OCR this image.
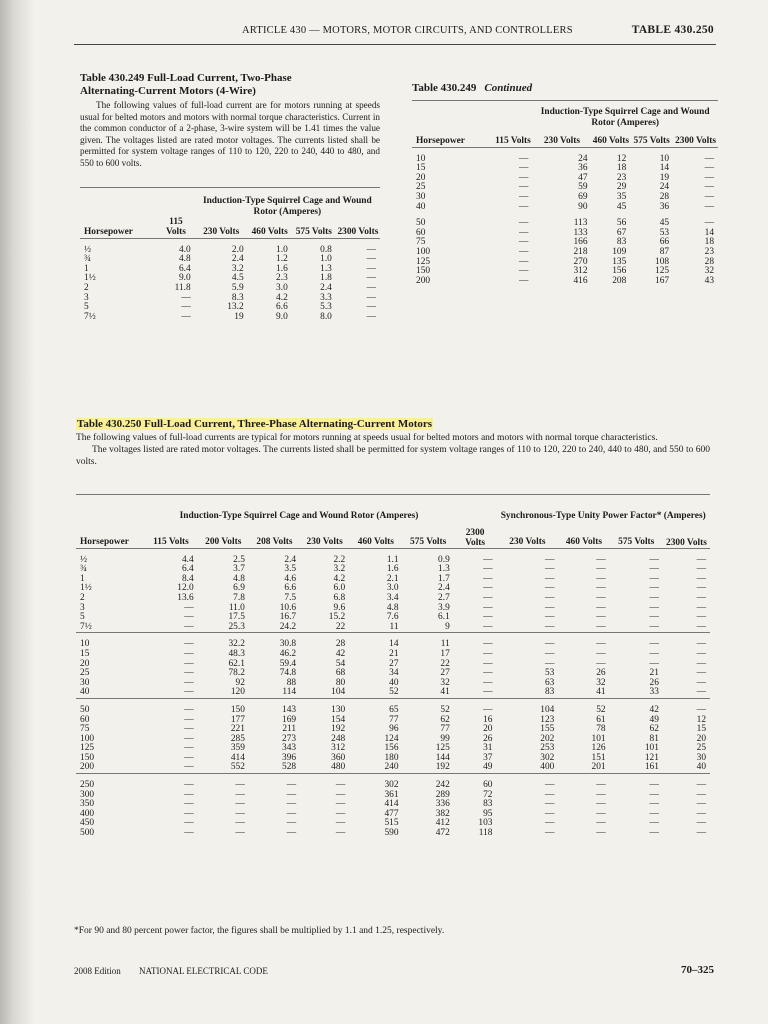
ARTICLE 430 — MOTORS, MOTOR CIRCUITS, AND CONTROLLERS	TABLE 430.250

Table 430.249 Full-Load Current, Two-Phase

Alternating-Current Motors (4-Wire)

The following values of full-load current are for motors running at speeds usual for belted motors and motors with normal torque characteristics. Current in the common conductor of a 2-phase, 3-wire system will be 1.41 times the value given. The voltages listed are rated motor voltages. The currents listed shall be permitted for system voltage ranges of 110 to 120, 220 to 240, 440 to 480, and 550 to 600 volts.

		Induction-Type Squirrel Cage and Wound Rotor (Amperes)			
Horsepower	115 Volts	230 Volts	460 Volts	575 Volts	2300 Volts
½	4.0	2.0	1.0	0.8	—
¾	4.8	2.4	1.2	1.0	—
1	6.4	3.2	1.6	1.3	—
1½	9.0	4.5	2.3	1.8	—
2	11.8	5.9	3.0	2.4	—
3	—	8.3	4.2	3.3	—
5	—	13.2	6.6	5.3	—
7½	—	19	9.0	8.0	—

Table 430.249 Continued

		Induction-Type Squirrel Cage and Wound Rotor (Amperes)			
Horsepower	115 Volts	230 Volts	460 Volts	575 Volts	2300 Volts
10	—	24	12	10	—
15	—	36	18	14	—
20	—	47	23	19	—
25	—	59	29	24	—
30	—	69	35	28	—
40	—	90	45	36	—
50	—	113	56	45	—
60	—	133	67	53	14
75	—	166	83	66	18
100	—	218	109	87	23
125	—	270	135	108	28
150	—	312	156	125	32
200	—	416	208	167	43

Table 430.250 Full-Load Current, Three-Phase Alternating-Current Motors

The following values of full-load currents are typical for motors running at speeds usual for belted motors and motors with normal torque characteristics.

The voltages listed are rated motor voltages. The currents listed shall be permitted for system voltage ranges of 110 to 120, 220 to 240, 440 to 480, and 550 to 600 volts.

	Induction-Type Squirrel Cage and Wound Rotor (Amperes)							Synchronous-Type Unity Power Factor* (Amperes)			
Horsepower	115 Volts	200 Volts	208 Volts	230 Volts	460 Volts	575 Volts	2300 Volts	230 Volts	460 Volts	575 Volts	2300 Volts
½	4.4	2.5	2.4	2.2	1.1	0.9	—	—	—	—	—
¾	6.4	3.7	3.5	3.2	1.6	1.3	—	—	—	—	—
1	8.4	4.8	4.6	4.2	2.1	1.7	—	—	—	—	—
1½	12.0	6.9	6.6	6.0	3.0	2.4	—	—	—	—	—
2	13.6	7.8	7.5	6.8	3.4	2.7	—	—	—	—	—
3	—	11.0	10.6	9.6	4.8	3.9	—	—	—	—	—
5	—	17.5	16.7	15.2	7.6	6.1	—	—	—	—	—
7½	—	25.3	24.2	22	11	9	—	—	—	—	—
10	—	32.2	30.8	28	14	11	—	—	—	—	—
15	—	48.3	46.2	42	21	17	—	—	—	—	—
20	—	62.1	59.4	54	27	22	—	—	—	—	—
25	—	78.2	74.8	68	34	27	—	53	26	21	—
30	—	92	88	80	40	32	—	63	32	26	—
40	—	120	114	104	52	41	—	83	41	33	—
50	—	150	143	130	65	52	—	104	52	42	—
60	—	177	169	154	77	62	16	123	61	49	12
75	—	221	211	192	96	77	20	155	78	62	15
100	—	285	273	248	124	99	26	202	101	81	20
125	—	359	343	312	156	125	31	253	126	101	25
150	—	414	396	360	180	144	37	302	151	121	30
200	—	552	528	480	240	192	49	400	201	161	40
250	—	—	—	—	302	242	60	—	—	—	—
300	—	—	—	—	361	289	72	—	—	—	—
350	—	—	—	—	414	336	83	—	—	—	—
400	—	—	—	—	477	382	95	—	—	—	—
450	—	—	—	—	515	412	103	—	—	—	—
500	—	—	—	—	590	472	118	—	—	—	—

*For 90 and 80 percent power factor, the figures shall be multiplied by 1.1 and 1.25, respectively.

2008 Edition NATIONAL ELECTRICAL CODE	70–325
